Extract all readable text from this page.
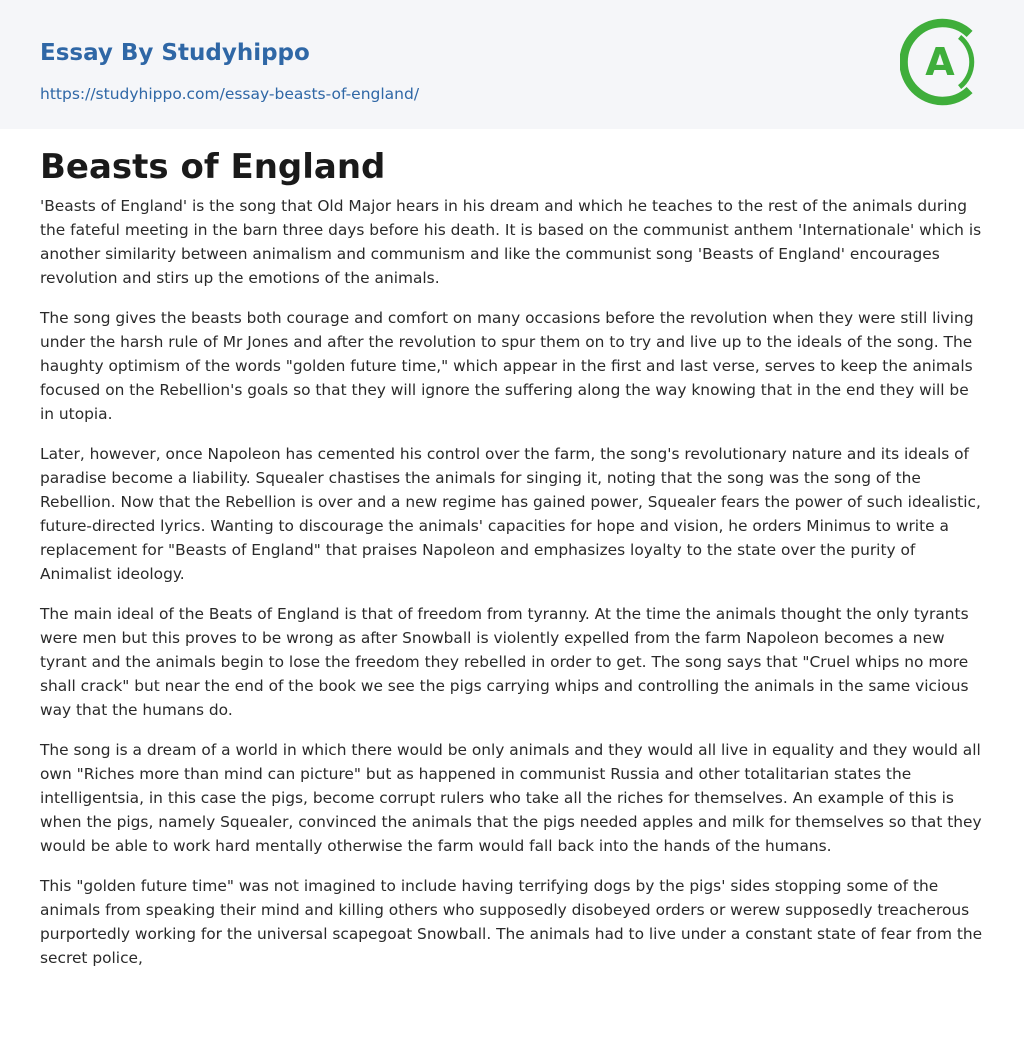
Essay By Studyhippo
https://studyhippo.com/essay-beasts-of-england/
A
Beasts of England

'Beasts of England' is the song that Old Major hears in his dream and which he teaches to the rest of the animals during the fateful meeting in the barn three days before his death. It is based on the communist anthem 'Internationale' which is another similarity between animalism and communism and like the communist song 'Beasts of England' encourages revolution and stirs up the emotions of the animals.

The song gives the beasts both courage and comfort on many occasions before the revolution when they were still living under the harsh rule of Mr Jones and after the revolution to spur them on to try and live up to the ideals of the song. The haughty optimism of the words "golden future time," which appear in the first and last verse, serves to keep the animals focused on the Rebellion's goals so that they will ignore the suffering along the way knowing that in the end they will be in utopia.

Later, however, once Napoleon has cemented his control over the farm, the song's revolutionary nature and its ideals of paradise become a liability. Squealer chastises the animals for singing it, noting that the song was the song of the Rebellion. Now that the Rebellion is over and a new regime has gained power, Squealer fears the power of such idealistic, future-directed lyrics. Wanting to discourage the animals' capacities for hope and vision, he orders Minimus to write a replacement for "Beasts of England" that praises Napoleon and emphasizes loyalty to the state over the purity of Animalist ideology.

The main ideal of the Beats of England is that of freedom from tyranny. At the time the animals thought the only tyrants were men but this proves to be wrong as after Snowball is violently expelled from the farm Napoleon becomes a new tyrant and the animals begin to lose the freedom they rebelled in order to get. The song says that "Cruel whips no more shall crack" but near the end of the book we see the pigs carrying whips and controlling the animals in the same vicious way that the humans do.

The song is a dream of a world in which there would be only animals and they would all live in equality and they would all own "Riches more than mind can picture" but as happened in communist Russia and other totalitarian states the intelligentsia, in this case the pigs, become corrupt rulers who take all the riches for themselves. An example of this is when the pigs, namely Squealer, convinced the animals that the pigs needed apples and milk for themselves so that they would be able to work hard mentally otherwise the farm would fall back into the hands of the humans.

This "golden future time" was not imagined to include having terrifying dogs by the pigs' sides stopping some of the animals from speaking their mind and killing others who supposedly disobeyed orders or werew supposedly treacherous purportedly working for the universal scapegoat Snowball. The animals had to live under a constant state of fear from the secret police,
